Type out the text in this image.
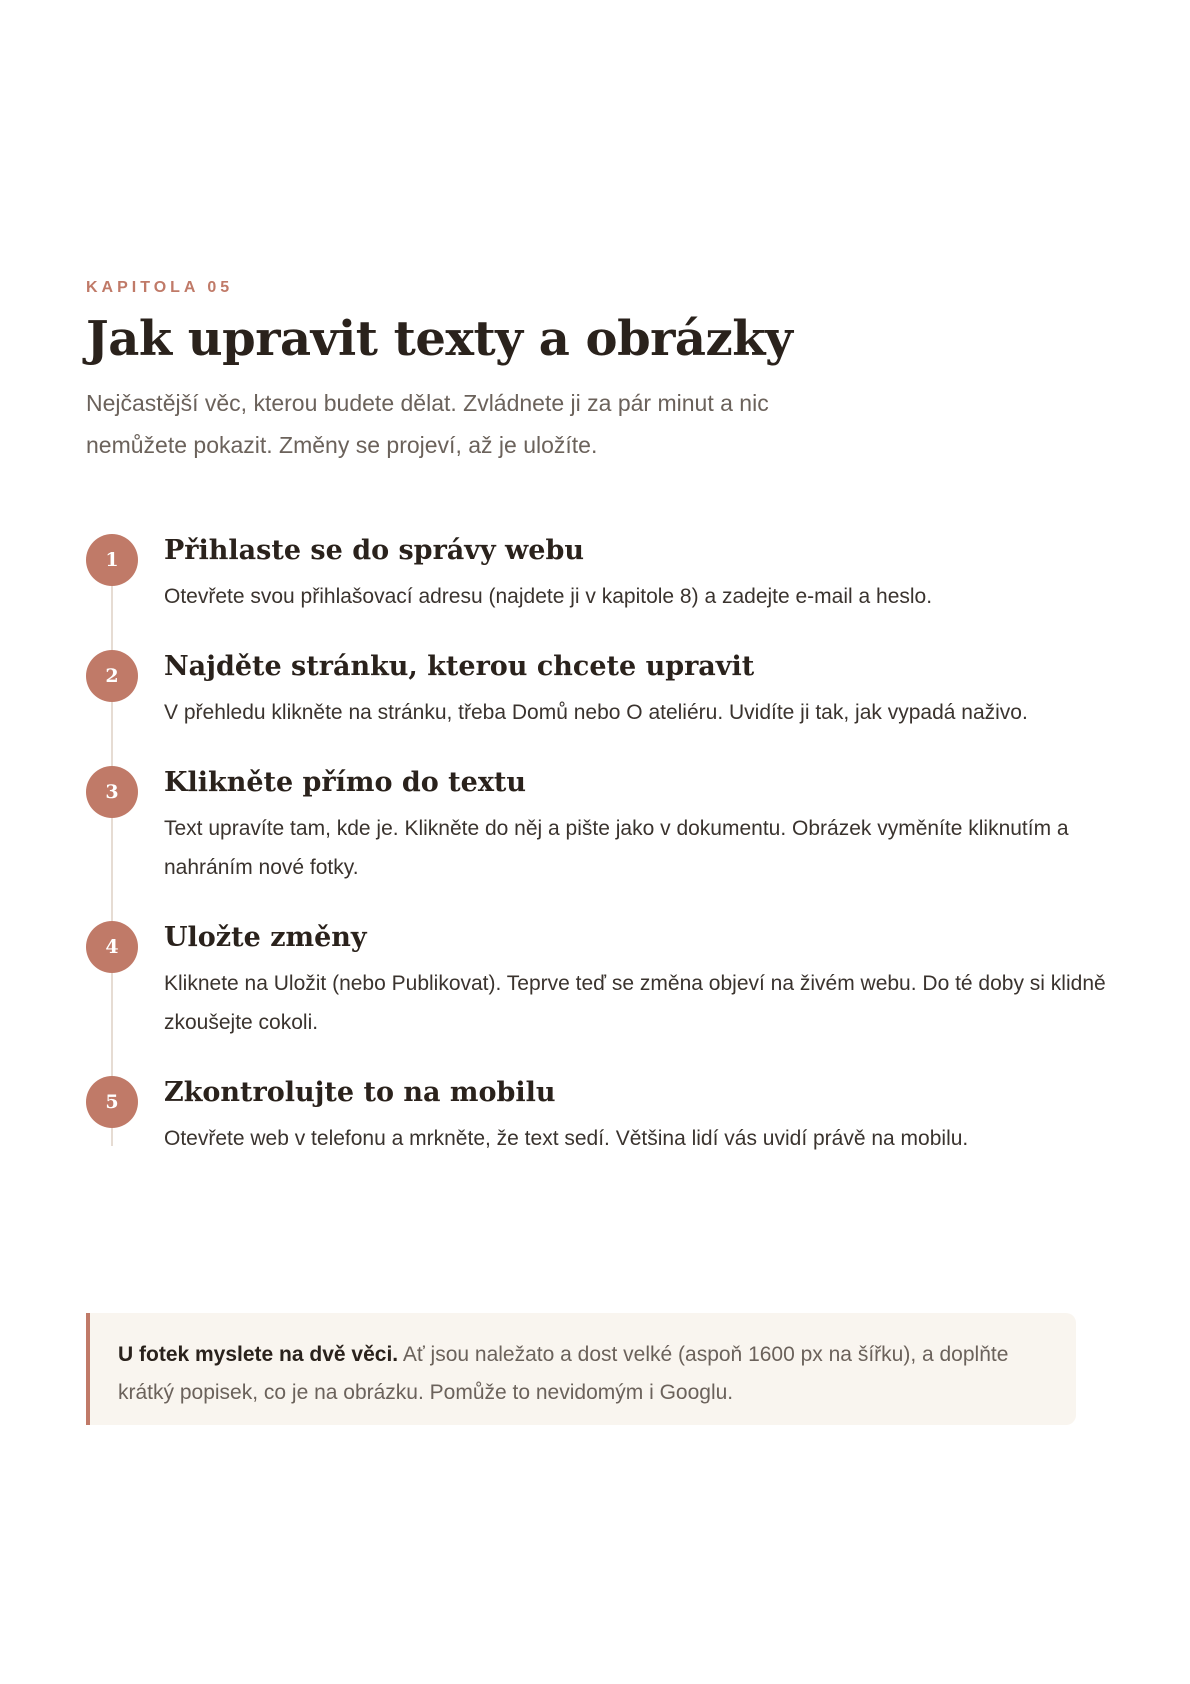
KAPITOLA 05

Jak upravit texty a obrázky

Nejčastější věc, kterou budete dělat. Zvládnete ji za pár minut a nic nemůžete pokazit. Změny se projeví, až je uložíte.

1	Přihlaste se do správy webu

Otevřete svou přihlašovací adresu (najdete ji v kapitole 8) a zadejte e-mail a heslo.

2	Najděte stránku, kterou chcete upravit

V přehledu klikněte na stránku, třeba Domů nebo O ateliéru. Uvidíte ji tak, jak vypadá naživo.

3	Klikněte přímo do textu

Text upravíte tam, kde je. Klikněte do něj a pište jako v dokumentu. Obrázek vyměníte kliknutím a nahráním nové fotky.

4	Uložte změny

Kliknete na Uložit (nebo Publikovat). Teprve teď se změna objeví na živém webu. Do té doby si klidně zkoušejte cokoli.

5	Zkontrolujte to na mobilu

Otevřete web v telefonu a mrkněte, že text sedí. Většina lidí vás uvidí právě na mobilu.

U fotek myslete na dvě věci. Ať jsou naležato a dost velké (aspoň 1600 px na šířku), a doplňte krátký popisek, co je na obrázku. Pomůže to nevidomým i Googlu.
